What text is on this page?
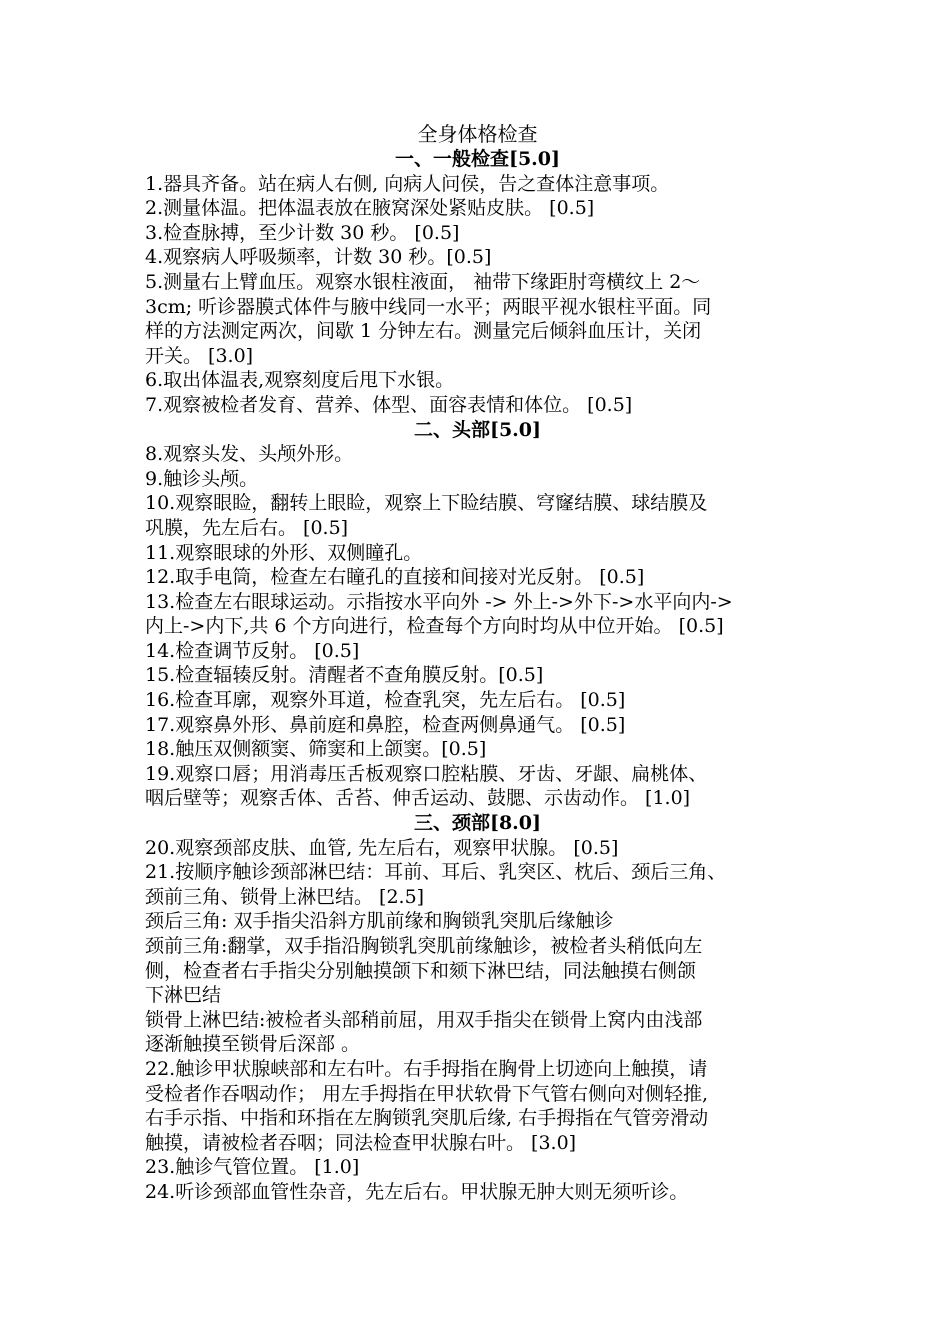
全身体格检查
一、一般检查[5.0]

1.器具齐备。站在病人右侧, 向病人问侯，告之查体注意事项。

2.测量体温。把体温表放在腋窝深处紧贴皮肤。 [0.5]

3.检查脉搏，至少计数 30 秒。 [0.5]

4.观察病人呼吸频率，计数 30 秒。[0.5]

5.测量右上臂血压。观察水银柱液面， 袖带下缘距肘弯横纹上 2～

3cm; 听诊器膜式体件与腋中线同一水平；两眼平视水银柱平面。同

样的方法测定两次，间歇 1 分钟左右。测量完后倾斜血压计，关闭

开关。 [3.0]

6.取出体温表,观察刻度后甩下水银。

7.观察被检者发育、营养、体型、面容表情和体位。 [0.5]

二、头部[5.0]

8.观察头发、头颅外形。

9.触诊头颅。

10.观察眼睑，翻转上眼睑，观察上下睑结膜、穹窿结膜、球结膜及

巩膜，先左后右。 [0.5]

11.观察眼球的外形、双侧瞳孔。

12.取手电筒，检查左右瞳孔的直接和间接对光反射。 [0.5]

13.检查左右眼球运动。示指按水平向外 -> 外上->外下->水平向内->

内上->内下,共 6 个方向进行，检查每个方向时均从中位开始。 [0.5]

14.检查调节反射。 [0.5]

15.检查辐辏反射。清醒者不查角膜反射。[0.5]

16.检查耳廓，观察外耳道，检查乳突，先左后右。 [0.5]

17.观察鼻外形、鼻前庭和鼻腔，检查两侧鼻通气。 [0.5]

18.触压双侧额窦、筛窦和上颌窦。[0.5]

19.观察口唇；用消毒压舌板观察口腔粘膜、牙齿、牙龈、扁桃体、

咽后壁等；观察舌体、舌苔、伸舌运动、鼓腮、示齿动作。 [1.0]

三、颈部[8.0]

20.观察颈部皮肤、血管, 先左后右，观察甲状腺。 [0.5]

21.按顺序触诊颈部淋巴结：耳前、耳后、乳突区、枕后、颈后三角、

颈前三角、锁骨上淋巴结。 [2.5]

颈后三角: 双手指尖沿斜方肌前缘和胸锁乳突肌后缘触诊

颈前三角:翻掌，双手指沿胸锁乳突肌前缘触诊，被检者头稍低向左

侧，检查者右手指尖分别触摸颌下和颏下淋巴结，同法触摸右侧颌

下淋巴结

锁骨上淋巴结:被检者头部稍前屈，用双手指尖在锁骨上窝内由浅部

逐渐触摸至锁骨后深部 。

22.触诊甲状腺峡部和左右叶。右手拇指在胸骨上切迹向上触摸，请

受检者作吞咽动作； 用左手拇指在甲状软骨下气管右侧向对侧轻推,

右手示指、中指和环指在左胸锁乳突肌后缘, 右手拇指在气管旁滑动

触摸，请被检者吞咽；同法检查甲状腺右叶。 [3.0]

23.触诊气管位置。 [1.0]

24.听诊颈部血管性杂音，先左后右。甲状腺无肿大则无须听诊。
